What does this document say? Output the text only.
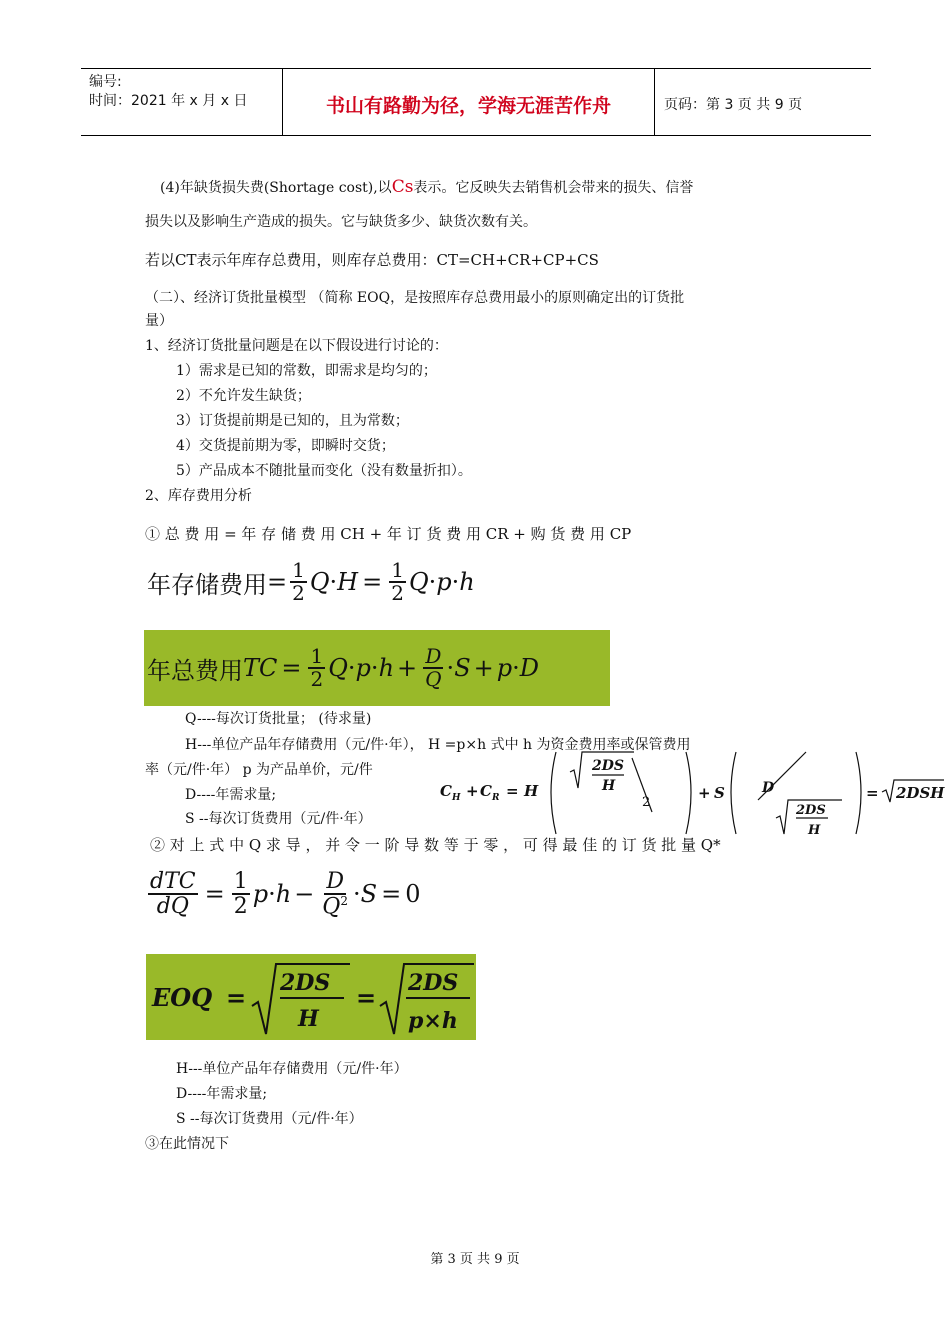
编号:
时间：2021 年 x 月 x 日	书山有路勤为径，学海无涯苦作舟	页码：第 3 页 共 9 页
(4)年缺货损失费(Shortage cost),以Cs表示。它反映失去销售机会带来的损失、信誉
损失以及影响生产造成的损失。它与缺货多少、缺货次数有关。
若以CT表示年库存总费用，则库存总费用：CT=CH+CR+CP+CS
（二）、经济订货批量模型 （简称 EOQ，是按照库存总费用最小的原则确定出的订货批
量）
1、经济订货批量问题是在以下假设进行讨论的：
1）需求是已知的常数，即需求是均匀的；
2）不允许发生缺货；
3）订货提前期是已知的，且为常数；
4）交货提前期为零，即瞬时交货；
5）产品成本不随批量而变化（没有数量折扣）。
2、库存费用分析
① 总 费 用 = 年 存 储 费 用 CH + 年 订 货 费 用 CR + 购 货 费 用 CP
年存储费用 = $\frac{1}{2}$ $Q \cdot H = \frac{1}{2}$ Q · p · h
年总费用 TC = $\frac{1}{2}$ $Q \cdot p \cdot h + \frac{D}{Q} \cdot S + p \cdot D$
Q----每次订货批量； (待求量)
H---单位产品年存储费用（元/件·年）， H =p×h 式中 h 为资金费用率或保管费用
率（元/件·年） p 为产品单价，元/件
D----年需求量;
S --每次订货费用（元/件·年）
C H + C R = H
2DS
H
2
+ S	D
2DS
H
= 2DSH
② 对 上 式 中 Q 求 导 ， 并 令 一 阶 导 数 等 于 零 ， 可 得 最 佳 的 订 货 批 量 Q*
$\frac{\text{dTC}}{dQ} = \frac{1}{2}$ $p \cdot h - \frac{D}{Q^2} \cdot S = 0$
EOQ = 2DS
H
= 2DS
p×h
H---单位产品年存储费用（元/件·年）
D----年需求量;
S --每次订货费用（元/件·年）
③在此情况下
第 3 页 共 9 页
